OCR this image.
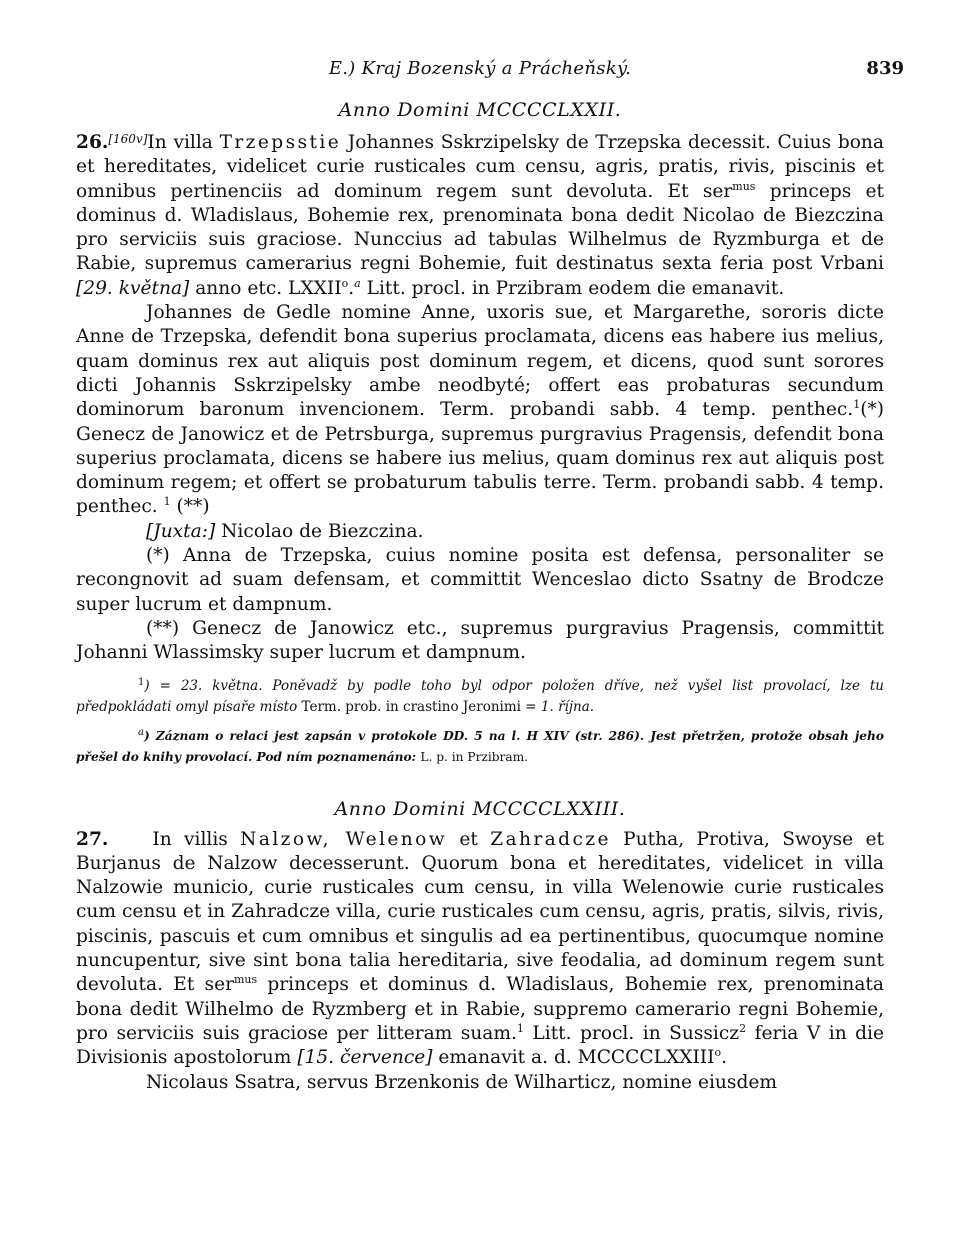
E.) Kraj Bozenský a Prácheňský.	839
Anno Domini MCCCCLXXII.

26.[160v]In villa Trzepsstie Johannes Sskrzipelsky de Trzepska decessit. Cuius bona et hereditates, videlicet curie rusticales cum censu, agris, pratis, rivis, piscinis et omnibus pertinenciis ad dominum regem sunt devoluta. Et ser$^{mus}$ princeps et dominus d. Wladislaus, Bohemie rex, prenominata bona dedit Nicolao de Biezczina pro serviciis suis graciose. Nunccius ad tabulas Wilhelmus de Ryzmburga et de Rabie, supremus camerarius regni Bohemie, fuit destinatus sexta feria post Vrbani [29. května] anno etc. LXXII$^o$.$^a$ Litt. procl. in Przibram eodem die emanavit.

Johannes de Gedle nomine Anne, uxoris sue, et Margarethe, sororis dicte Anne de Trzepska, defendit bona superius proclamata, dicens eas habere ius melius, quam dominus rex aut aliquis post dominum regem, et dicens, quod sunt sorores dicti Johannis Sskrzipelsky ambe neodbyté; offert eas probaturas secundum dominorum baronum invencionem. Term. probandi sabb. 4 temp. penthec.$^1$(*)      Genecz de Janowicz et de Petrsburga, supremus purgravius Pragensis, defendit bona superius proclamata, dicens se habere ius melius, quam dominus rex aut aliquis post dominum regem; et offert se probaturum tabulis terre. Term. probandi sabb. 4 temp. penthec. $^1$ (**)

[Juxta:] Nicolao de Biezczina.

(*) Anna de Trzepska, cuius nomine posita est defensa, personaliter se recongnovit ad suam defensam, et committit Wenceslao dicto Ssatny de Brodcze super lucrum et dampnum.

(**) Genecz de Janowicz etc., supremus purgravius Pragensis, committit Johanni Wlassimsky super lucrum et dampnum.

$^1$) = 23. května. Poněvadž by podle toho byl odpor položen dříve, než vyšel list provolací, lze tu předpokládati omyl písaře místo Term. prob. in crastino Jeronimi = 1. října.
$^a$) Záznam o relaci jest zapsán v protokole DD. 5 na l. H XIV (str. 286). Jest přetržen, protože obsah jeho přešel do knihy provolací. Pod ním poznamenáno: L. p. in Przibram.
Anno Domini MCCCCLXXIII.

27. In villis Nalzow, Welenow et Zahradcze Putha, Protiva, Swoyse et Burjanus de Nalzow decesserunt. Quorum bona et hereditates, videlicet in villa Nalzowie municio, curie rusticales cum censu, in villa Welenowie curie rusticales cum censu et in Zahradcze villa, curie rusticales cum censu, agris, pratis, silvis, rivis, piscinis, pascuis et cum omnibus et singulis ad ea pertinentibus, quocumque nomine nuncupentur, sive sint bona talia hereditaria, sive feodalia, ad dominum regem sunt devoluta. Et ser$^{mus}$ princeps et dominus d. Wladislaus, Bohemie rex, prenominata bona dedit Wilhelmo de Ryzmberg et in Rabie, suppremo camerario regni Bohemie, pro serviciis suis graciose per litteram suam.$^1$ Litt. procl. in Sussicz$^2$ feria V in die Divisionis apostolorum [15. července] emanavit a. d. MCCCCLXXIII$^o$.

Nicolaus Ssatra, servus Brzenkonis de Wilharticz, nomine eiusdem
